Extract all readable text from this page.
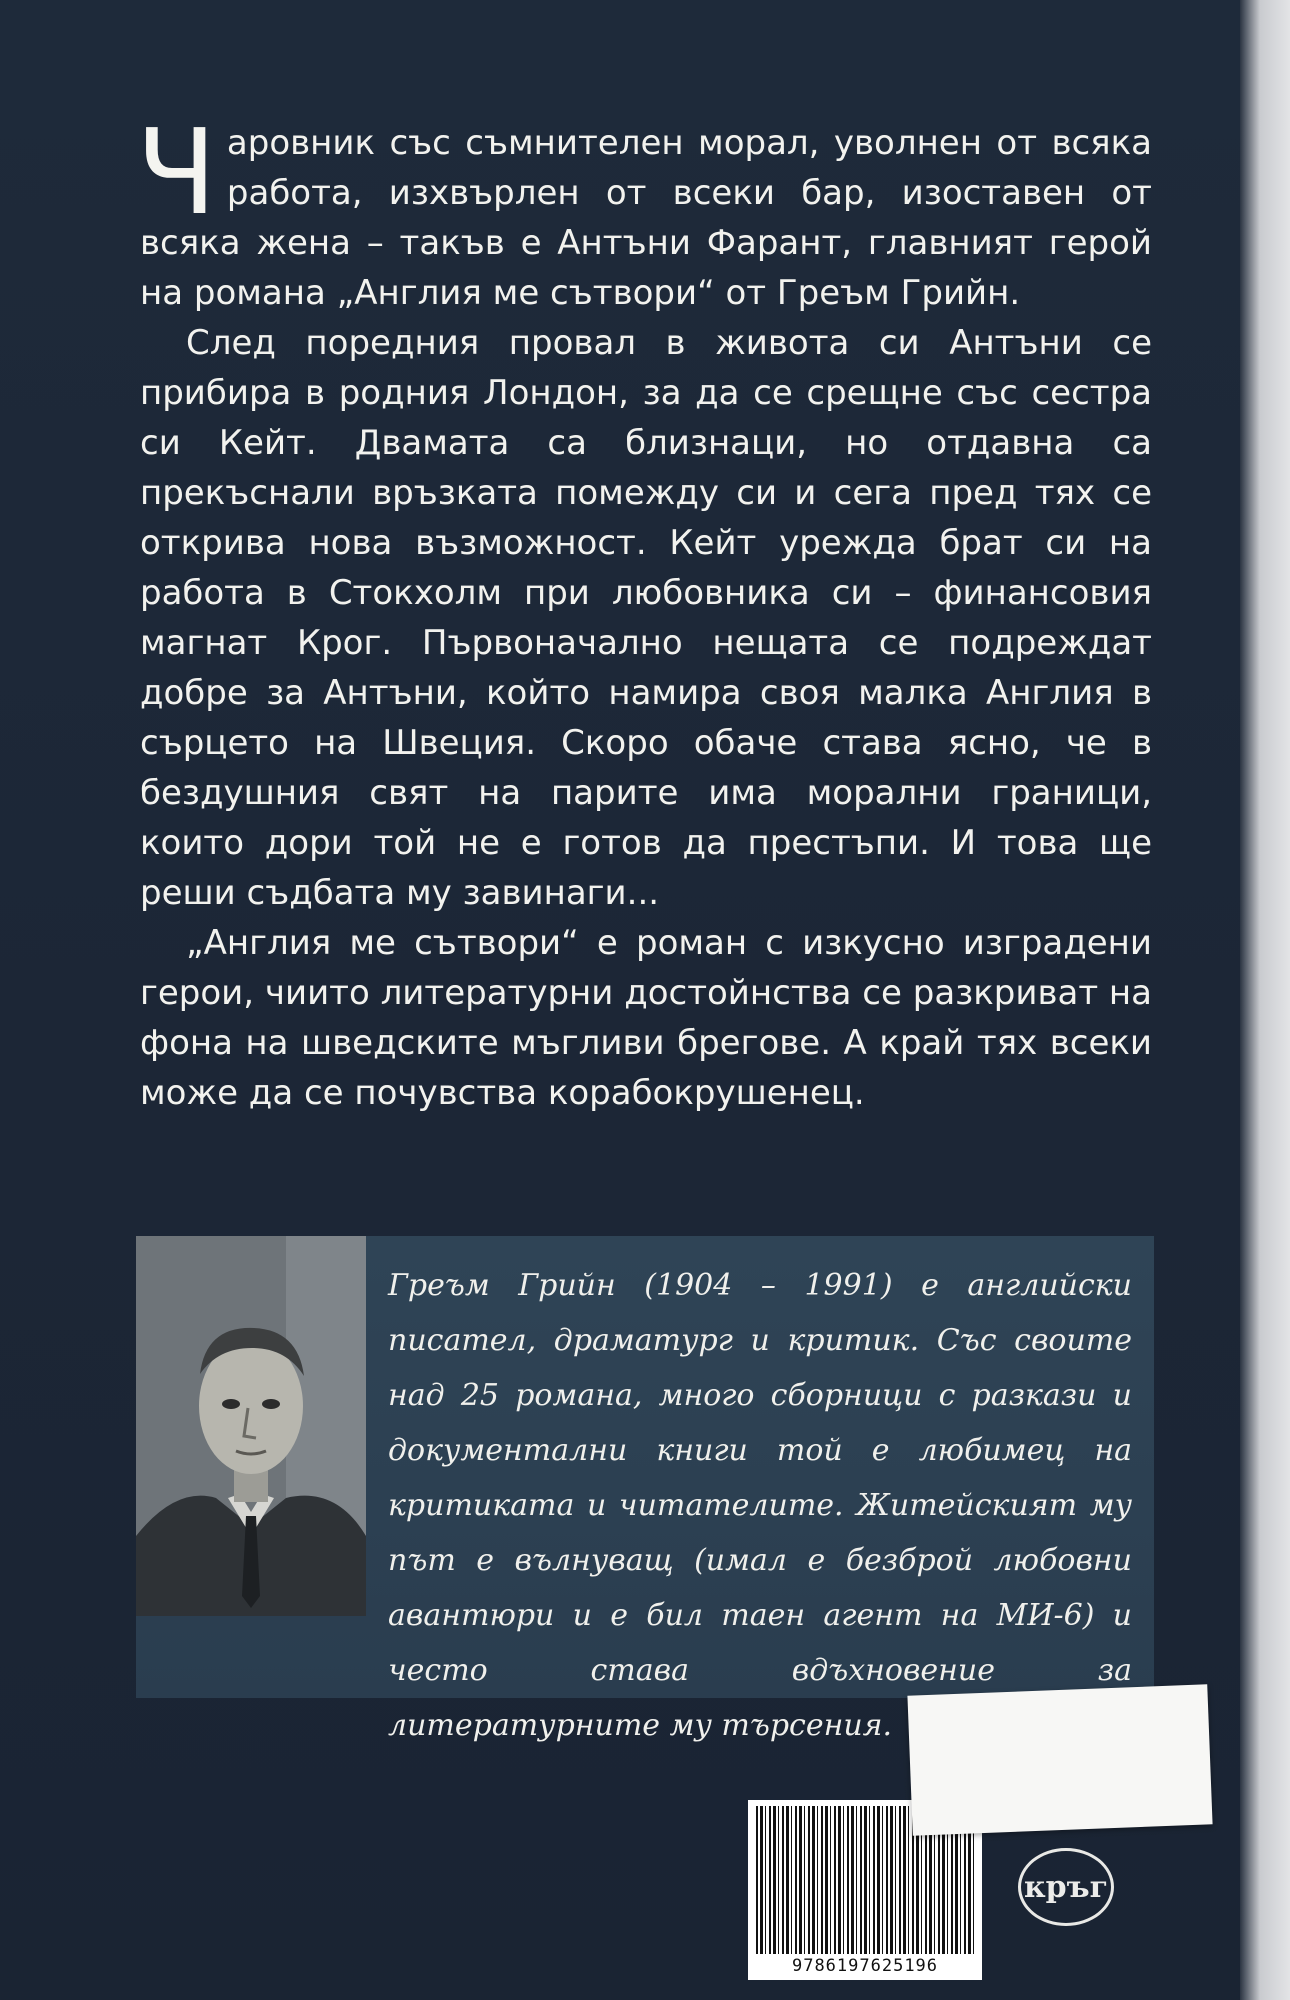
Чаровник със съмнителен морал, уволнен от всяка работа, изхвърлен от всеки бар, изоставен от всяка жена – такъв е Антъни Фарант, главният герой на романа „Англия ме сътвори“ от Греъм Грийн.

След поредния провал в живота си Антъни се прибира в родния Лондон, за да се срещне със сестра си Кейт. Двамата са близнаци, но отдавна са прекъснали връзката помежду си и сега пред тях се открива нова възможност. Кейт урежда брат си на работа в Стокхолм при любовника си – финансовия магнат Крог. Първоначално нещата се подреждат добре за Антъни, който намира своя малка Англия в сърцето на Швеция. Скоро обаче става ясно, че в бездушния свят на парите има морални граници, които дори той не е готов да престъпи. И това ще реши съдбата му завинаги...

„Англия ме сътвори“ е роман с изкусно изградени герои, чиито литературни достойнства се разкриват на фона на шведските мъгливи брегове. А край тях всеки може да се почувства корабокрушенец.

Греъм Грийн (1904 – 1991) е английски писател, драматург и критик. Със своите над 25 романа, много сборници с разкази и документални книги той е любимец на критиката и читателите. Житейският му път е вълнуващ (имал е безброй любовни авантюри и е бил таен агент на МИ-6) и често става вдъхновение за литературните му търсения.

9786197625196
кръг
